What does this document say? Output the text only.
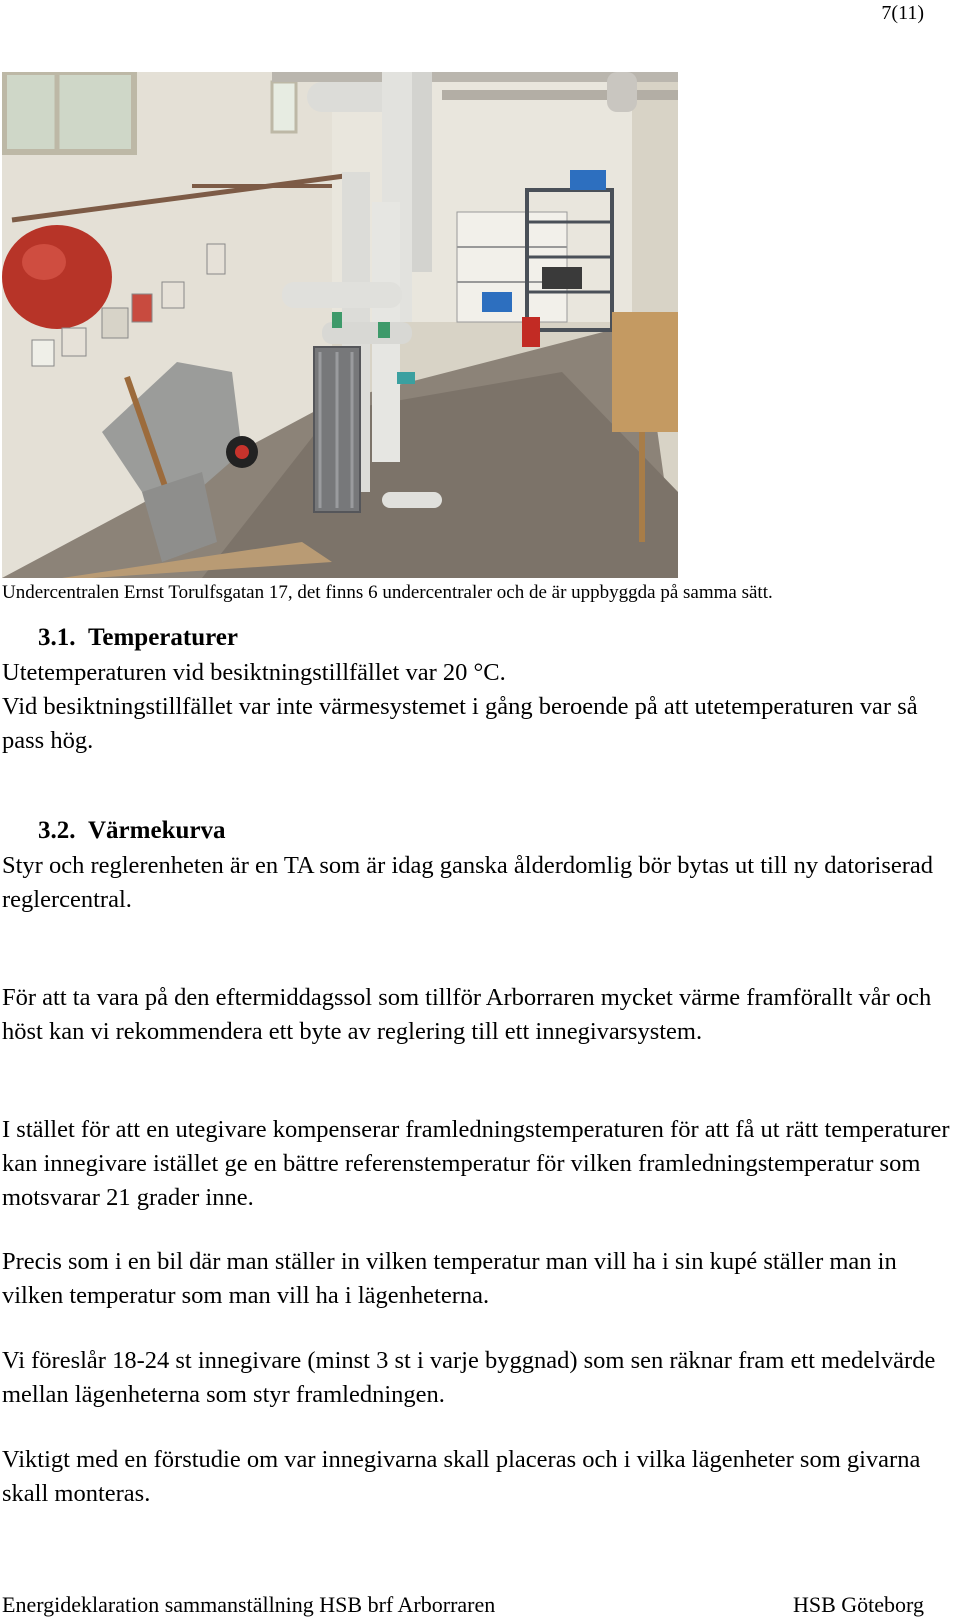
7(11)
Undercentralen Ernst Torulfsgatan 17, det finns 6 undercentraler och de är uppbyggda på samma sätt.
3.1. Temperaturer
Utetemperaturen vid besiktningstillfället var 20 °C.
Vid besiktningstillfället var inte värmesystemet i gång beroende på att utetemperaturen var så pass hög.
3.2. Värmekurva
Styr och reglerenheten är en TA som är idag ganska ålderdomlig bör bytas ut till ny datoriserad reglercentral.
För att ta vara på den eftermiddagssol som tillför Arborraren mycket värme framförallt vår och höst kan vi rekommendera ett byte av reglering till ett innegivarsystem.
I stället för att en utegivare kompenserar framledningstemperaturen för att få ut rätt temperaturer kan innegivare istället ge en bättre referenstemperatur för vilken framledningstemperatur som motsvarar 21 grader inne.
Precis som i en bil där man ställer in vilken temperatur man vill ha i sin kupé ställer man in vilken temperatur som man vill ha i lägenheterna.
Vi föreslår 18-24 st innegivare (minst 3 st i varje byggnad) som sen räknar fram ett medelvärde mellan lägenheterna som styr framledningen.
Viktigt med en förstudie om var innegivarna skall placeras och i vilka lägenheter som givarna skall monteras.
Energideklaration sammanställning HSB brf Arborraren	HSB Göteborg
